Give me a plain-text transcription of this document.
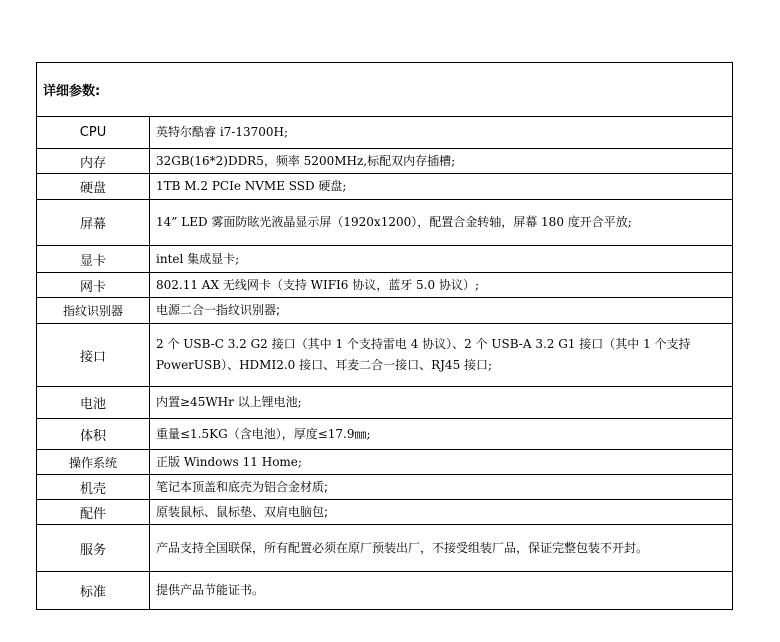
详细参数:	
CPU	英特尔酷睿 i7-13700H;
内存	32GB(16*2)DDR5，频率 5200MHz,标配双内存插槽;
硬盘	1TB M.2 PCIe NVME SSD 硬盘;
屏幕	14” LED 雾面防眩光液晶显示屏（1920x1200），配置合金转轴，屏幕 180 度开合平放;
显卡	intel 集成显卡;
网卡	802.11 AX 无线网卡（支持 WIFI6 协议，蓝牙 5.0 协议）;
指纹识别器	电源二合一指纹识别器;
接口	2 个 USB-C 3.2 G2 接口（其中 1 个支持雷电 4 协议）、2 个 USB-A 3.2 G1 接口（其中 1 个支持 PowerUSB）、HDMI2.0 接口、耳麦二合一接口、RJ45 接口;
电池	内置≥45WHr 以上锂电池;
体积	重量≤1.5KG（含电池），厚度≤17.9㎜;
操作系统	正版 Windows 11 Home;
机壳	笔记本顶盖和底壳为铝合金材质;
配件	原装鼠标、鼠标垫、双肩电脑包;
服务	产品支持全国联保，所有配置必须在原厂预装出厂，不接受组装厂品，保证完整包装不开封。
标准	提供产品节能证书。
